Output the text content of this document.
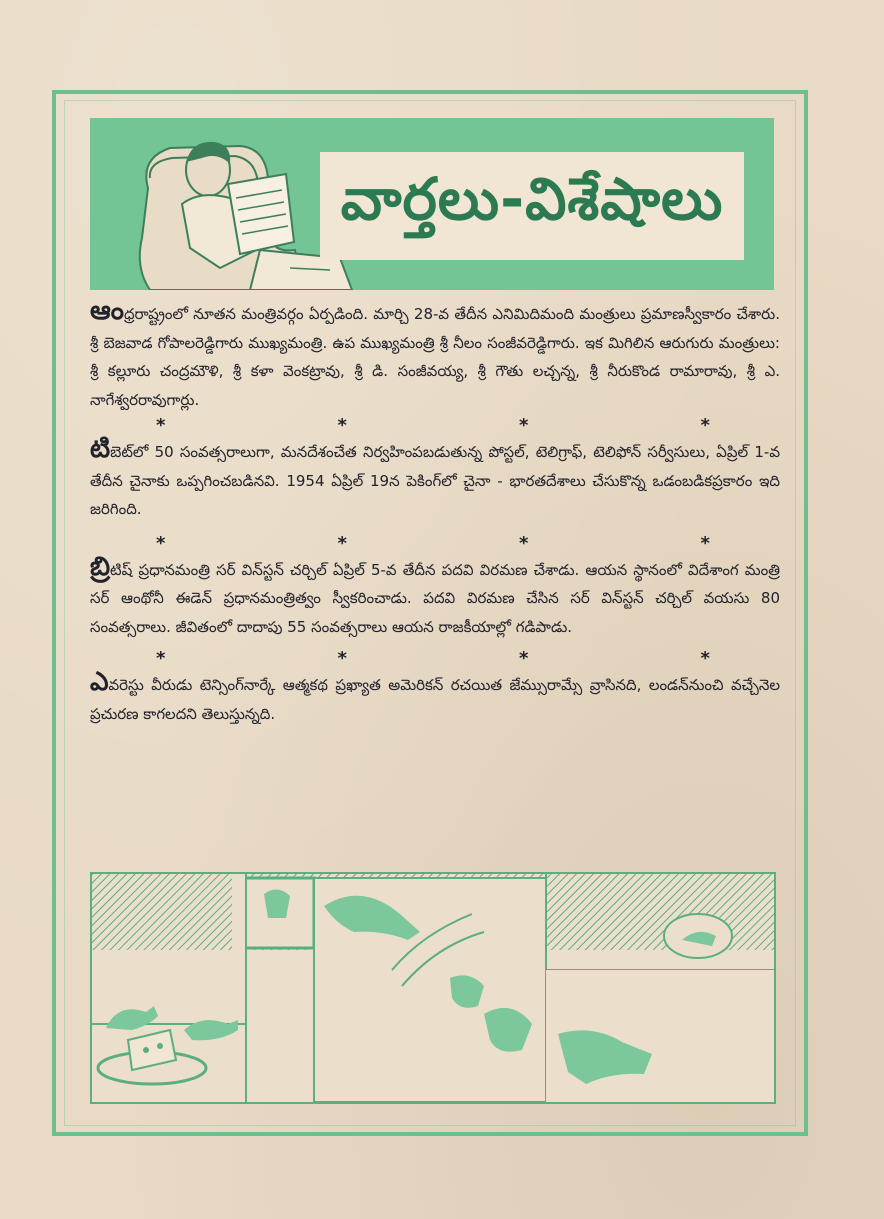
వార్తలు-విశేషాలు

ఆంధ్రరాష్ట్రంలో నూతన మంత్రివర్గం ఏర్పడింది. మార్చి 28-వ తేదీన ఎనిమిదిమంది మంత్రులు ప్రమాణస్వీకారం చేశారు. శ్రీ బెజవాడ గోపాలరెడ్డిగారు ముఖ్యమంత్రి. ఉప ముఖ్యమంత్రి శ్రీ నీలం సంజీవరెడ్డిగారు. ఇక మిగిలిన ఆరుగురు మంత్రులు: శ్రీ కల్లూరు చంద్రమౌళి, శ్రీ కళా వెంకట్రావు, శ్రీ డి. సంజీవయ్య, శ్రీ గౌతు లచ్చన్న, శ్రీ నీరుకొండ రామారావు, శ్రీ ఎ. నాగేశ్వరరావుగార్లు.

*	*	*	*

టిబెట్‌లో 50 సంవత్సరాలుగా, మనదేశంచేత నిర్వహింపబడుతున్న పోస్టల్, టెలిగ్రాఫ్, టెలిఫోన్ సర్వీసులు, ఏప్రిల్ 1-వ తేదీన చైనాకు ఒప్పగించబడినవి. 1954 ఏప్రిల్ 19న పెకింగ్‌లో చైనా - భారతదేశాలు చేసుకొన్న ఒడంబడికప్రకారం ఇది జరిగింది.

*	*	*	*

బ్రిటిష్ ప్రధానమంత్రి సర్ విన్‌స్టన్ చర్చిల్ ఏప్రిల్ 5-వ తేదీన పదవి విరమణ చేశాడు. ఆయన స్థానంలో విదేశాంగ మంత్రి సర్ ఆంథోనీ ఈడెన్ ప్రధానమంత్రిత్వం స్వీకరించాడు. పదవి విరమణ చేసిన సర్ విన్‌స్టన్ చర్చిల్ వయసు 80 సంవత్సరాలు. జీవితంలో దాదాపు 55 సంవత్సరాలు ఆయన రాజకీయాల్లో గడిపాడు.

*	*	*	*

ఎవరెస్టు వీరుడు టెన్సింగ్‌నార్కే ఆత్మకథ ప్రఖ్యాత అమెరికన్ రచయిత జేమ్సురామ్సే వ్రాసినది, లండన్‌నుంచి వచ్చేనెల ప్రచురణ కాగలదని తెలుస్తున్నది.
